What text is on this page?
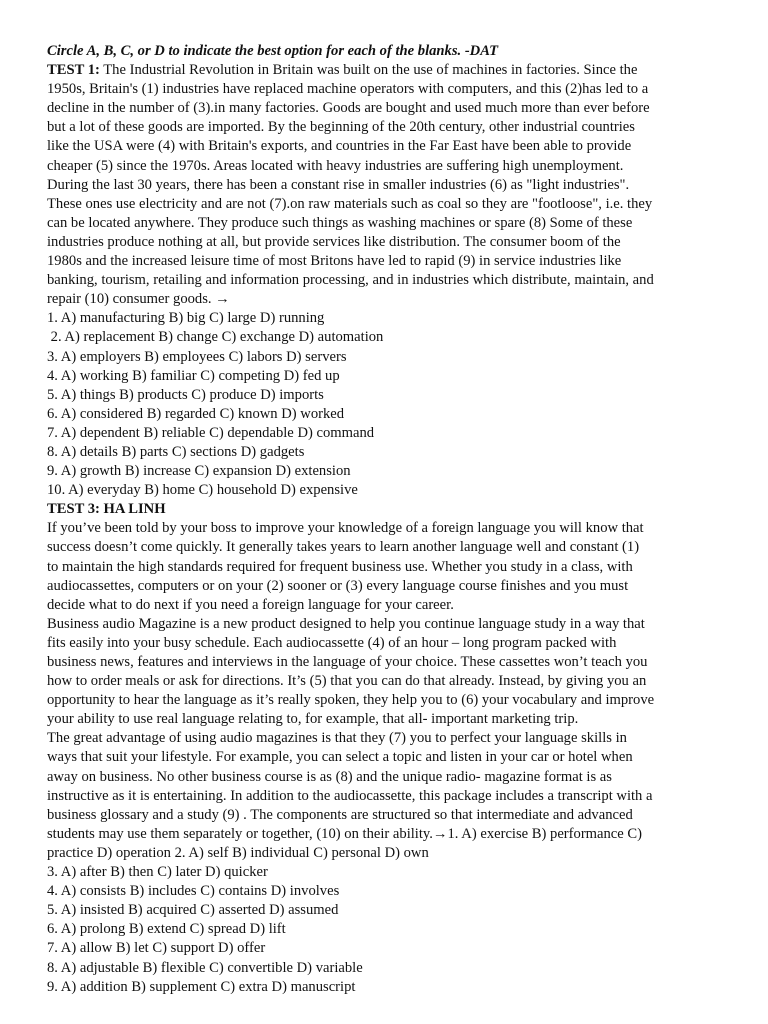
Circle A, B, C, or D to indicate the best option for each of the blanks. -DAT
TEST 1: The Industrial Revolution in Britain was built on the use of machines in factories. Since the
1950s, Britain's (1) industries have replaced machine operators with computers, and this (2)has led to a
decline in the number of (3).in many factories. Goods are bought and used much more than ever before
but a lot of these goods are imported. By the beginning of the 20th century, other industrial countries
like the USA were (4) with Britain's exports, and countries in the Far East have been able to provide
cheaper (5) since the 1970s. Areas located with heavy industries are suffering high unemployment.
During the last 30 years, there has been a constant rise in smaller industries (6) as "light industries".
These ones use electricity and are not (7).on raw materials such as coal so they are "footloose", i.e. they
can be located anywhere. They produce such things as washing machines or spare (8) Some of these
industries produce nothing at all, but provide services like distribution. The consumer boom of the
1980s and the increased leisure time of most Britons have led to rapid (9) in service industries like
banking, tourism, retailing and information processing, and in industries which distribute, maintain, and
repair (10) consumer goods. →
1. A) manufacturing B) big C) large D) running
2. A) replacement B) change C) exchange D) automation
3. A) employers B) employees C) labors D) servers
4. A) working B) familiar C) competing D) fed up
5. A) things B) products C) produce D) imports
6. A) considered B) regarded C) known D) worked
7. A) dependent B) reliable C) dependable D) command
8. A) details B) parts C) sections D) gadgets
9. A) growth B) increase C) expansion D) extension
10. A) everyday B) home C) household D) expensive
TEST 3: HA LINH
If you’ve been told by your boss to improve your knowledge of a foreign language you will know that
success doesn’t come quickly. It generally takes years to learn another language well and constant (1)
to maintain the high standards required for frequent business use. Whether you study in a class, with
audiocassettes, computers or on your (2) sooner or (3) every language course finishes and you must
decide what to do next if you need a foreign language for your career.
Business audio Magazine is a new product designed to help you continue language study in a way that
fits easily into your busy schedule. Each audiocassette (4) of an hour – long program packed with
business news, features and interviews in the language of your choice. These cassettes won’t teach you
how to order meals or ask for directions. It’s (5) that you can do that already. Instead, by giving you an
opportunity to hear the language as it’s really spoken, they help you to (6) your vocabulary and improve
your ability to use real language relating to, for example, that all- important marketing trip.
The great advantage of using audio magazines is that they (7) you to perfect your language skills in
ways that suit your lifestyle. For example, you can select a topic and listen in your car or hotel when
away on business. No other business course is as (8) and the unique radio- magazine format is as
instructive as it is entertaining. In addition to the audiocassette, this package includes a transcript with a
business glossary and a study (9) . The components are structured so that intermediate and advanced
students may use them separately or together, (10) on their ability.→1. A) exercise B) performance C)
practice D) operation 2. A) self B) individual C) personal D) own
3. A) after B) then C) later D) quicker
4. A) consists B) includes C) contains D) involves
5. A) insisted B) acquired C) asserted D) assumed
6. A) prolong B) extend C) spread D) lift
7. A) allow B) let C) support D) offer
8. A) adjustable B) flexible C) convertible D) variable
9. A) addition B) supplement C) extra D) manuscript
